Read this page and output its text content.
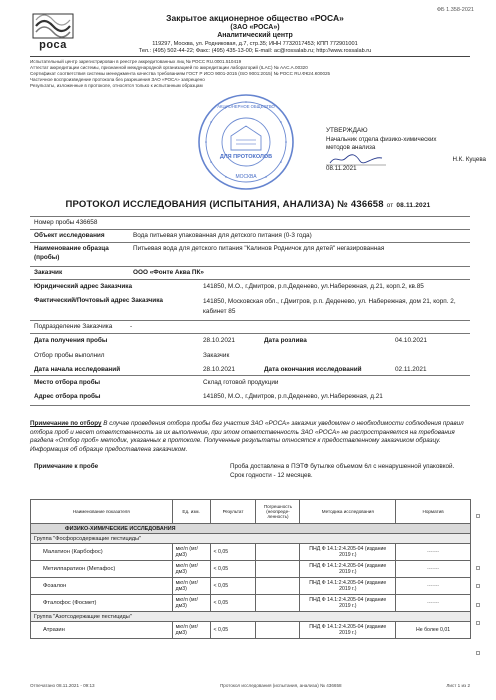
ФБ 1.358-2021
роса
Закрытое акционерное общество «РОСА»
(ЗАО «РОСА»)
Аналитический центр
119297, Москва, ул. Родниковая, д.7, стр.35; ИНН 7732017453; КПП 772901001
Тел.: (495) 502-44-22; Факс: (495) 435-13-00; E-mail: ac@rossalab.ru; http://www.rossalab.ru
Испытательный центр зарегистрирован в реестре аккредитованных лиц № РОСС RU.0001.510419
Аттестат аккредитации системы, признанной международной организацией по аккредитации лабораторий (ILAC) № AAC.A.00320
Сертификат соответствия системы менеджмента качества требованиям ГОСТ Р ИСО 9001-2015 (ISO 9001:2015) № РОСС RU.ФК24.К00025
Частичное воспроизведение протокола без разрешения ЗАО «РОСА» запрещено
Результаты, изложенные в протоколе, относятся только к испытанным образцам
ДЛЯ ПРОТОКОЛОВ
МОСКВА
АКЦИОНЕРНОЕ ОБЩЕСТВО
УТВЕРЖДАЮ
Начальник отдела физико-химических
методов анализа
Н.К. Куцева
08.11.2021
ПРОТОКОЛ ИССЛЕДОВАНИЯ (ИСПЫТАНИЯ, АНАЛИЗА) № 436658 от 08.11.2021
Номер пробы 436658
Объект исследования	Вода питьевая упакованная для детского питания (0-3 года)
Наименование образца (пробы)
Питьевая вода для детского питания "Калинов Родничок для детей" негазированная
Заказчик	ООО «Фонте Аква ПК»
Юридический адрес Заказчика	141850, М.О., г.Дмитров, р.п.Деденево, ул.Набережная, д.21, корп.2, кв.85
Фактический/Почтовый адрес Заказчика	141850, Московская обл., г.Дмитров, р.п. Деденево, ул. Набережная, дом 21, корп. 2, кабинет 85
Подразделение Заказчика	-
Дата получения пробы	28.10.2021	Дата розлива	04.10.2021
Отбор пробы выполнил	Заказчик
Дата начала исследований	28.10.2021	Дата окончания исследований	02.11.2021
Место отбора пробы	Склад готовой продукции
Адрес отбора пробы	141850, М.О., г.Дмитров, р.п.Деденево, ул.Набережная, д.21
Примечание по отбору В случае проведения отбора пробы без участия ЗАО «РОСА» заказчик уведомлен о необходимости соблюдения правил отбора проб и несет ответственность за их выполнение, при этом ответственность ЗАО «РОСА» не распространяется на требования раздела «Отбор проб» методик, указанных в протоколе. Полученные результаты относятся к предоставленному заказчиком образцу. Информация об образце предоставлена заказчиком.
Примечание к пробе	Проба доставлена в ПЭТФ бутылке объемом 6л с ненарушенной упаковкой.
Срок годности - 12 месяцев.
Наименование показателя	Ед. изм.	Результат	Погрешность (неопреде-ленность)	Методика исследования	Норматив
ФИЗИКО-ХИМИЧЕСКИЕ ИССЛЕДОВАНИЯ					
Группа "Фосфорсодержащие пестициды"					
Малатион (Карбофос)	мкг/л (мг/дм3)	< 0,05		ПНД Ф 14.1:2:4.205-04 (издание 2019 г.)	-------
Метилпаратион (Метафос)	мкг/л (мг/дм3)	< 0,05		ПНД Ф 14.1:2:4.205-04 (издание 2019 г.)	-------
Фозалон	мкг/л (мг/дм3)	< 0,05		ПНД Ф 14.1:2:4.205-04 (издание 2019 г.)	-------
Фталофос (Фосмет)	мкг/л (мг/дм3)	< 0,05		ПНД Ф 14.1:2:4.205-04 (издание 2019 г.)	-------
Группа "Азотсодержащие пестициды"					
Атразин	мкг/л (мг/дм3)	< 0,05		ПНД Ф 14.1:2:4.205-04 (издание 2019 г.)	Не более 0,01
Отпечатано 08.11.2021 - 09:13	Протокол исследования (испытания, анализа) № 436658	Лист 1 из 2
